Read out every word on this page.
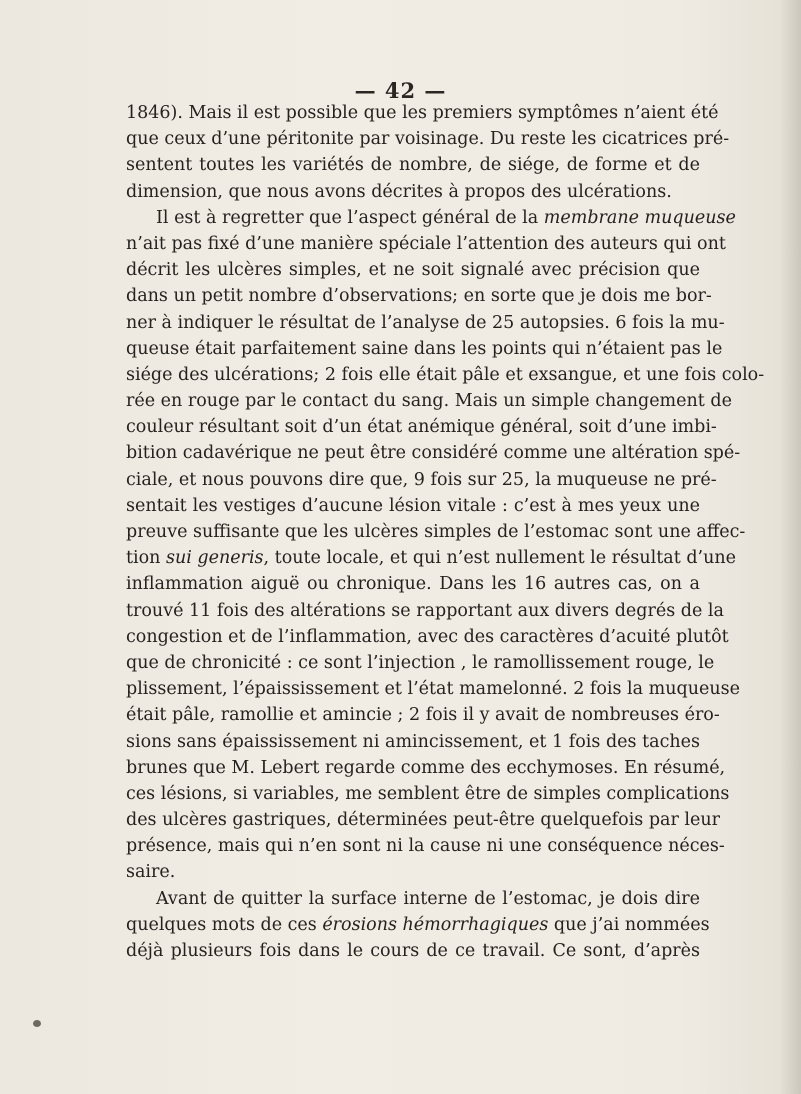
— 42 —
1846). Mais il est possible que les premiers symptômes n’aient été
que ceux d’une péritonite par voisinage. Du reste les cicatrices pré-
sentent toutes les variétés de nombre, de siége, de forme et de
dimension, que nous avons décrites à propos des ulcérations.
Il est à regretter que l’aspect général de la membrane muqueuse
n’ait pas fixé d’une manière spéciale l’attention des auteurs qui ont
décrit les ulcères simples, et ne soit signalé avec précision que
dans un petit nombre d’observations; en sorte que je dois me bor-
ner à indiquer le résultat de l’analyse de 25 autopsies. 6 fois la mu-
queuse était parfaitement saine dans les points qui n’étaient pas le
siége des ulcérations; 2 fois elle était pâle et exsangue, et une fois colo-
rée en rouge par le contact du sang. Mais un simple changement de
couleur résultant soit d’un état anémique général, soit d’une imbi-
bition cadavérique ne peut être considéré comme une altération spé-
ciale, et nous pouvons dire que, 9 fois sur 25, la muqueuse ne pré-
sentait les vestiges d’aucune lésion vitale : c’est à mes yeux une
preuve suffisante que les ulcères simples de l’estomac sont une affec-
tion sui generis, toute locale, et qui n’est nullement le résultat d’une
inflammation aiguë ou chronique. Dans les 16 autres cas, on a
trouvé 11 fois des altérations se rapportant aux divers degrés de la
congestion et de l’inflammation, avec des caractères d’acuité plutôt
que de chronicité : ce sont l’injection , le ramollissement rouge, le
plissement, l’épaississement et l’état mamelonné. 2 fois la muqueuse
était pâle, ramollie et amincie ; 2 fois il y avait de nombreuses éro-
sions sans épaississement ni amincissement, et 1 fois des taches
brunes que M. Lebert regarde comme des ecchymoses. En résumé,
ces lésions, si variables, me semblent être de simples complications
des ulcères gastriques, déterminées peut-être quelquefois par leur
présence, mais qui n’en sont ni la cause ni une conséquence néces-
saire.
Avant de quitter la surface interne de l’estomac, je dois dire
quelques mots de ces érosions hémorrhagiques que j’ai nommées
déjà plusieurs fois dans le cours de ce travail. Ce sont, d’après
